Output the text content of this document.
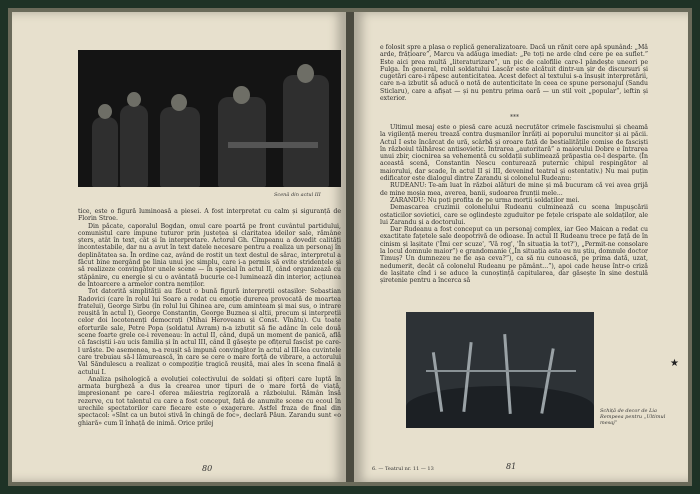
Scenă din actul III

tice, este o figură luminoasă a piesei. A fost interpretat cu calm și siguranță de Florin Stroe.

Din păcate, caporalul Bogdan, omul care poartă pe front cuvântul partidului, comunistul care impune tuturor prin justețea și claritatea ideilor sale, rămâne șters, atât în text, cât și în interpretare. Actorul Gh. Cîmpeanu a dovedit calități incontestabile, dar nu a avut în text datele necesare pentru a realiza un personaj în deplinătatea sa. În ordine caz, având de rostit un text destul de sărac, interpretul a făcut bine mergând pe linia unui joc simplu, care i-a permis să evite stridențele și să realizeze convingător unele scene — în special în actul II, când organizează cu stăpânire, cu energie și cu o avântată bucurie ce-l luminează din interior, acțiunea de întoarcere a armelor contra nemților.

Tot datorită simplității au făcut o bună figură interpreții ostașilor: Sebastian Radovici (care în rolul lui Soare a redat cu emoție durerea provocată de moartea fratelui), George Sirbu (în rolul lui Ghinea are, cum aminteam și mai sus, o intrare reușită în actul I), George Constantin, George Buznea și alții, precum și interpreții celor doi locotenenți democrați (Mihai Heroveanu și Const. Vînătu). Cu toate eforturile sale, Petre Popa (soldatul Avram) n-a izbutit să fie adânc în cele două scene foarte grele ce-i reveneau: în actul II, când, după un moment de panică, află că fasciștii i-au ucis familia și în actul III, când îl găsește pe ofițerul fascist pe care-l urăște. De asemenea, n-a reușit să impună convingător în actul al III-lea cuvintele care trebuiau să-l lămurească, în care se cere o mare forță de vibrare, a actorului Val Săndulescu a realizat o compoziție tragică reușită, mai ales în scena finală a actului I.

Analiza psihologică a evoluției colectivului de soldați și ofițeri care luptă în armata burgheză a dus la crearea unor tipuri de o mare forță de viață, impresionant pe care-l oferea măiestria regizorală a războiului. Rămân însă rezerve, cu tot talentul cu care a fost conceput, față de anumite scene cu ecoul în urechile spectatorilor care fiecare este o exagerare. Astfel fraza de final din spectacol: «Sînt ca un butoi stivă în chingă de foc», declară Păun. Zarandu sunt «o ghiară» cum îl înhață de inimă. Orice prilej

80

e folosit spre a plasa o replică generalizatoare. Dacă un rănit cere apă spunând: „Mă arde, frățioare”, Marcu va adăuga imediat: „Pe toți ne arde cînd cere pe ea suflet.” Este aici prea multă „literaturizare”, un pic de calofilie care-l pândește uneori pe Fulga. În general, rolul soldatului Lascăr este alcătuit dintr-un șir de discursuri și cugetări care-i răpesc autenticitatea. Acest defect al textului s-a însușit interpretării, care n-a izbutit să aducă o notă de autenticitate în ceea ce spune personajul (Sandu Sticlaru), care a afișat — și nu pentru prima oară — un stil voit „popular”, ieftin și exterior.

***

Ultimul mesaj este o piesă care acuză necruțător crimele fascismului și cheamă la vigilență mereu trează contra dușmanilor înrăiți ai poporului muncitor și ai păcii. Actul I este încărcat de ură, scârbă și oroare față de bestialitățile comise de fasciști în războiul tâlhăresc antisovietic. Intrarea „autoritară” a maiorului Dobre e întrarea unui zbir, ciocnirea sa vehementă cu soldații sublimează prăpastia ce-l desparte. (În această scenă, Constantin Nescu conturează puternic chipul respingător al maiorului, dar scade, în actul II și III, devenind teatral și ostentativ.) Nu mai puțin edificator este dialogul dintre Zarandu și colonelul Rudeanu:

RUDEANU: Te-am luat în război alături de mine și mă bucuram că vei avea grijă de mine moșia mea, averea, banii, sudoarea frunții mele...

ZARANDU: Nu poți profita de pe urma morții soldaților mei.

Demascarea cruzimii colonelului Rudeanu culminează cu scena împușcării ostaticilor sovietici, care se oglindește zguduitor pe fețele crispate ale soldaților, ale lui Zarandu și a doctorului.

Dar Rudeanu a fost conceput ca un personaj complex, iar Geo Maican a redat cu exactitate fațetele sale deopotrivă de odioase. În actul II Rudeanu trece pe față de în cinism și lașitate ('Îmi cer scuze', 'Vă rog', 'În situația la tot?'), „Permit-ne consolare la locul domnule maior”) e grandomanie („În situația asta eu nu știu, domnule doctor Timuș? Un dumnezeu ne fie așa ceva?”), ca să nu cunoască, pe prima dată, uzat, nedumerit, decât că colonelul Rudeanu pe pământ...”), apoi cade heuse într-o criză de lașitate cînd i se aduce la cunoștință capitularea, dar găsește în sine destulă șiretenie pentru a încerca să

Schiță de decor de Lia Rempeea pentru „Ultimul mesaj”
★
6. — Teatrul nr. 11 — 13	81
